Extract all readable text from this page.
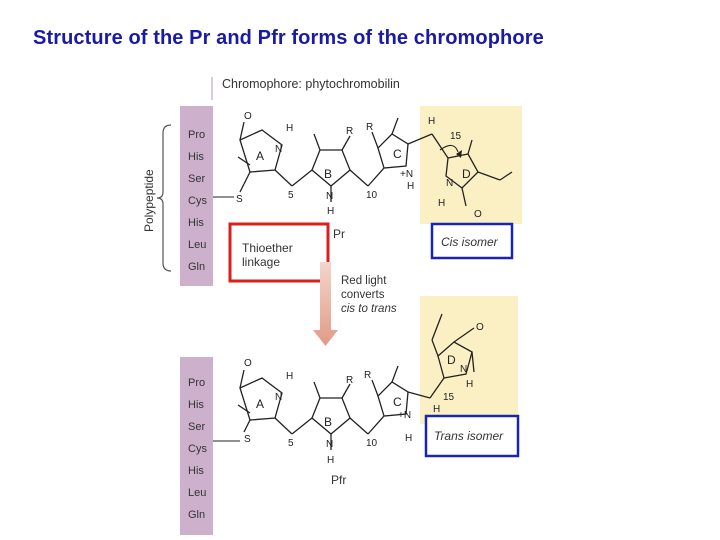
Structure of the Pr and Pfr forms of the chromophore
Chromophore: phytochromobilin
Polypeptide
Pro
His
Ser
Cys
His
Leu
Gln
Pro
His
Ser
Cys
His
Leu
Gln
O
H
N
A
R R
H
15
C
+N
H
D
N
H
O
B
N
H
S	5	10
Pr
Thioether
linkage
Cis isomer
Red light
converts
cis to trans
O
H
N
A
R R
C
+N
H
D
N
H
O
15
H
B
N
H
S	5	10
Pfr
Trans isomer
